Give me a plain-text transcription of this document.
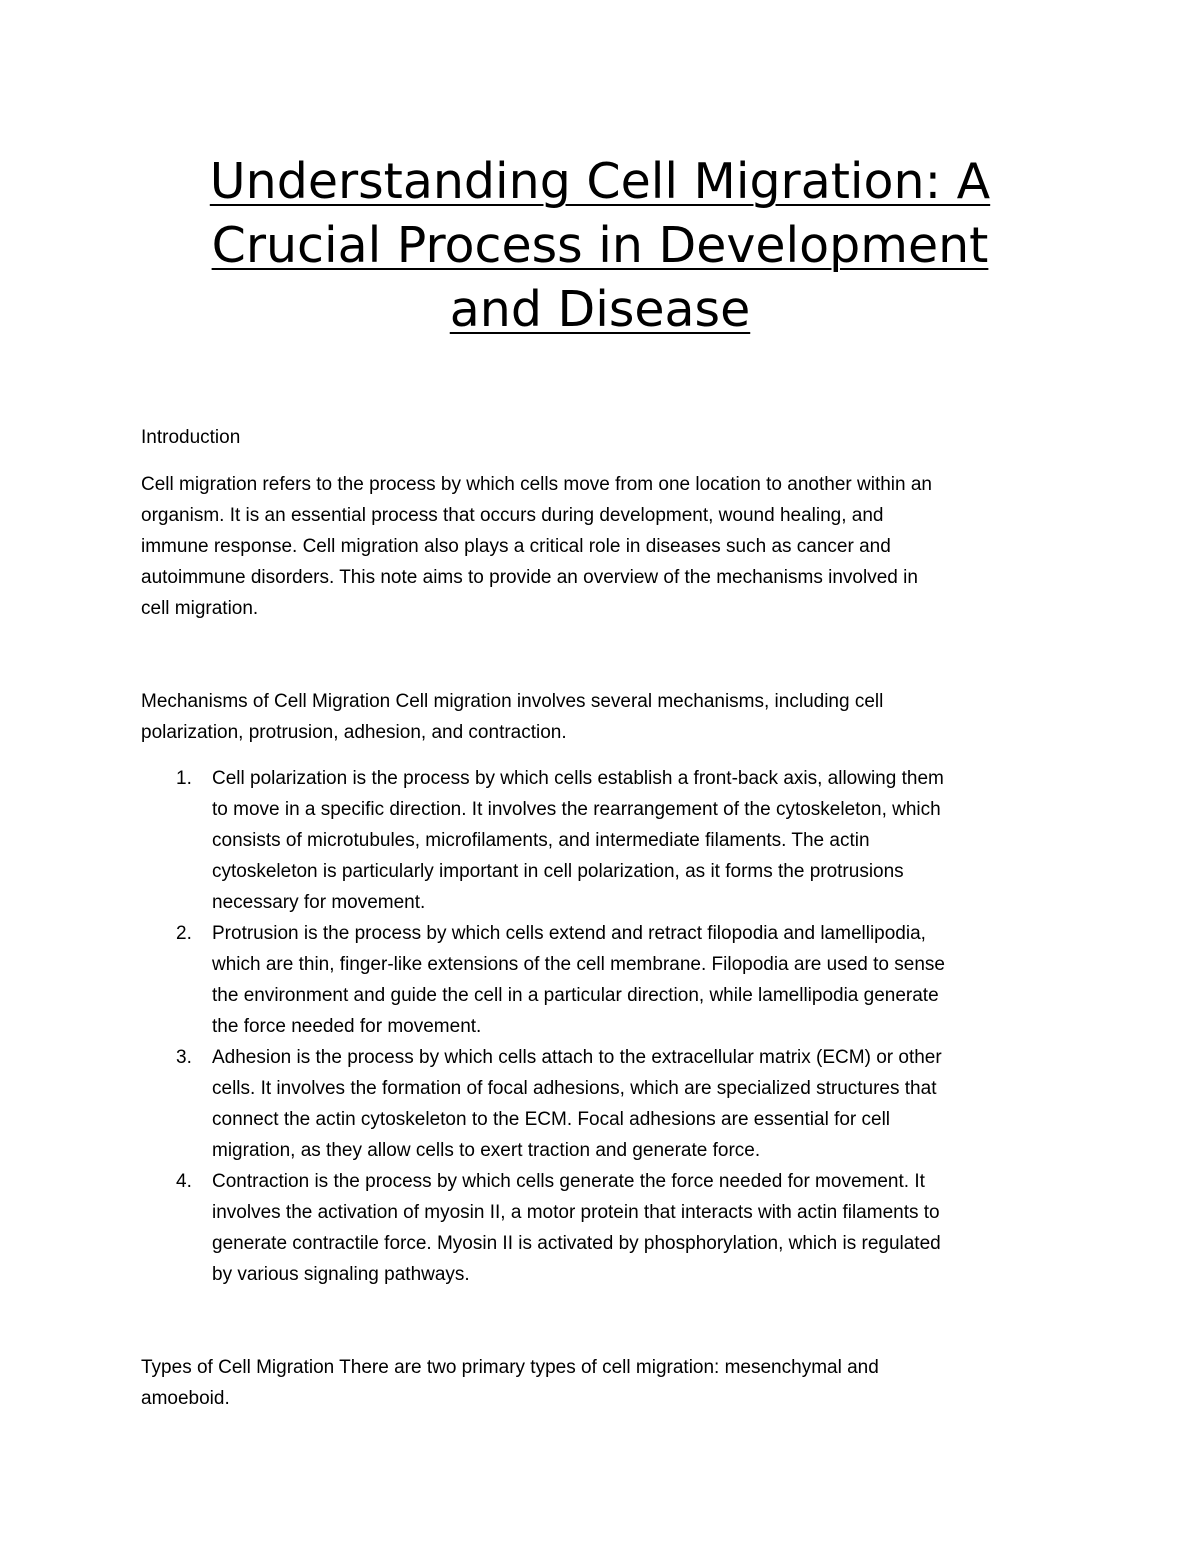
Understanding Cell Migration: A
Crucial Process in Development
and Disease

Introduction

Cell migration refers to the process by which cells move from one location to another within an
organism. It is an essential process that occurs during development, wound healing, and
immune response. Cell migration also plays a critical role in diseases such as cancer and
autoimmune disorders. This note aims to provide an overview of the mechanisms involved in
cell migration.

Mechanisms of Cell Migration Cell migration involves several mechanisms, including cell
polarization, protrusion, adhesion, and contraction.

1. Cell polarization is the process by which cells establish a front-back axis, allowing them
to move in a specific direction. It involves the rearrangement of the cytoskeleton, which
consists of microtubules, microfilaments, and intermediate filaments. The actin
cytoskeleton is particularly important in cell polarization, as it forms the protrusions
necessary for movement.
2. Protrusion is the process by which cells extend and retract filopodia and lamellipodia,
which are thin, finger-like extensions of the cell membrane. Filopodia are used to sense
the environment and guide the cell in a particular direction, while lamellipodia generate
the force needed for movement.
3. Adhesion is the process by which cells attach to the extracellular matrix (ECM) or other
cells. It involves the formation of focal adhesions, which are specialized structures that
connect the actin cytoskeleton to the ECM. Focal adhesions are essential for cell
migration, as they allow cells to exert traction and generate force.
4. Contraction is the process by which cells generate the force needed for movement. It
involves the activation of myosin II, a motor protein that interacts with actin filaments to
generate contractile force. Myosin II is activated by phosphorylation, which is regulated
by various signaling pathways.

Types of Cell Migration There are two primary types of cell migration: mesenchymal and
amoeboid.
